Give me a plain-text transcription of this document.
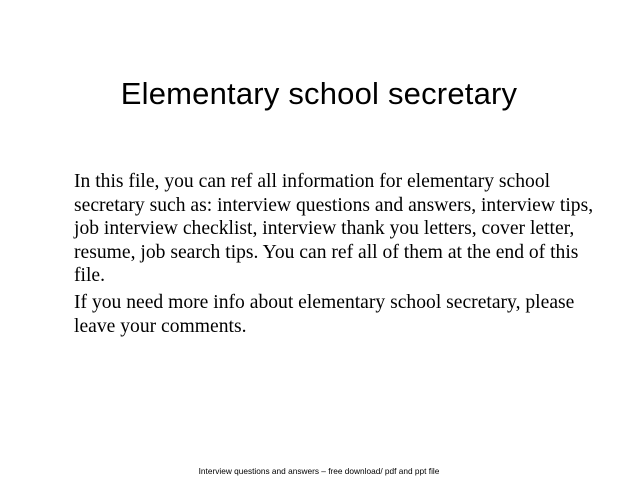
Elementary school secretary

In this file, you can ref all information for elementary school secretary such as: interview questions and answers, interview tips, job interview checklist, interview thank you letters, cover letter, resume, job search tips. You can ref all of them at the end of this file.

If you need more info about elementary school secretary, please leave your comments.

Interview questions and answers – free download/ pdf and ppt file
